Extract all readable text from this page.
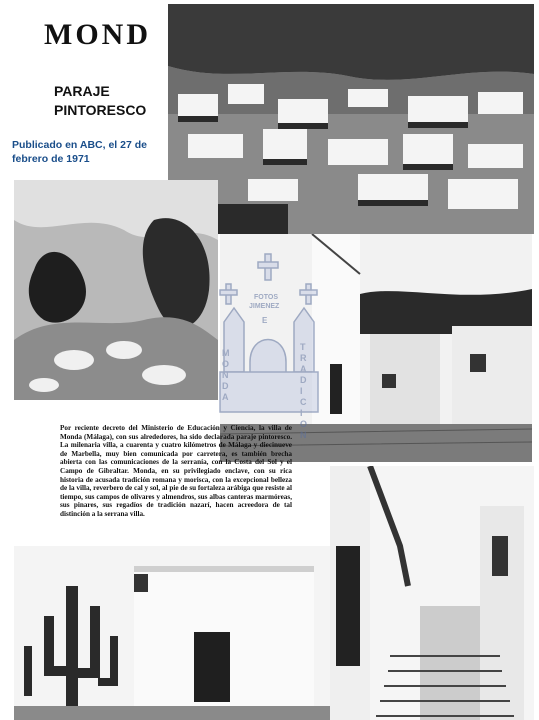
MOND
PARAJE PINTORESCO
Publicado en ABC, el 27 de febrero de 1971
Por reciente decreto del Ministerio de Educación y Ciencia, la villa de Monda (Málaga), con sus alrededores, ha sido declarada paraje pintoresco. La milenaria villa, a cuarenta y cuatro kilómetros de Málaga y diecinueve de Marbella, muy bien comunicada por carretera, es también brecha abierta con las comunicaciones de la serranía, con la Costa del Sol y el Campo de Gibraltar. Monda, en su privilegiado enclave, con su rica historia de acusada tradición romana y morisca, con la excepcional belleza de la villa, reverbero de cal y sol, al pie de su fortaleza arábiga que resiste al tiempo, sus campos de olivares y almendros, sus albas canteras marmóreas, sus pinares, sus regadíos de tradición nazarí, hacen acreedora de tal distinción a la serrana villa.
FOTOS
JIMENEZ
E
M
O
N
D
A
T
R
A
D
I
C
I
O
N
